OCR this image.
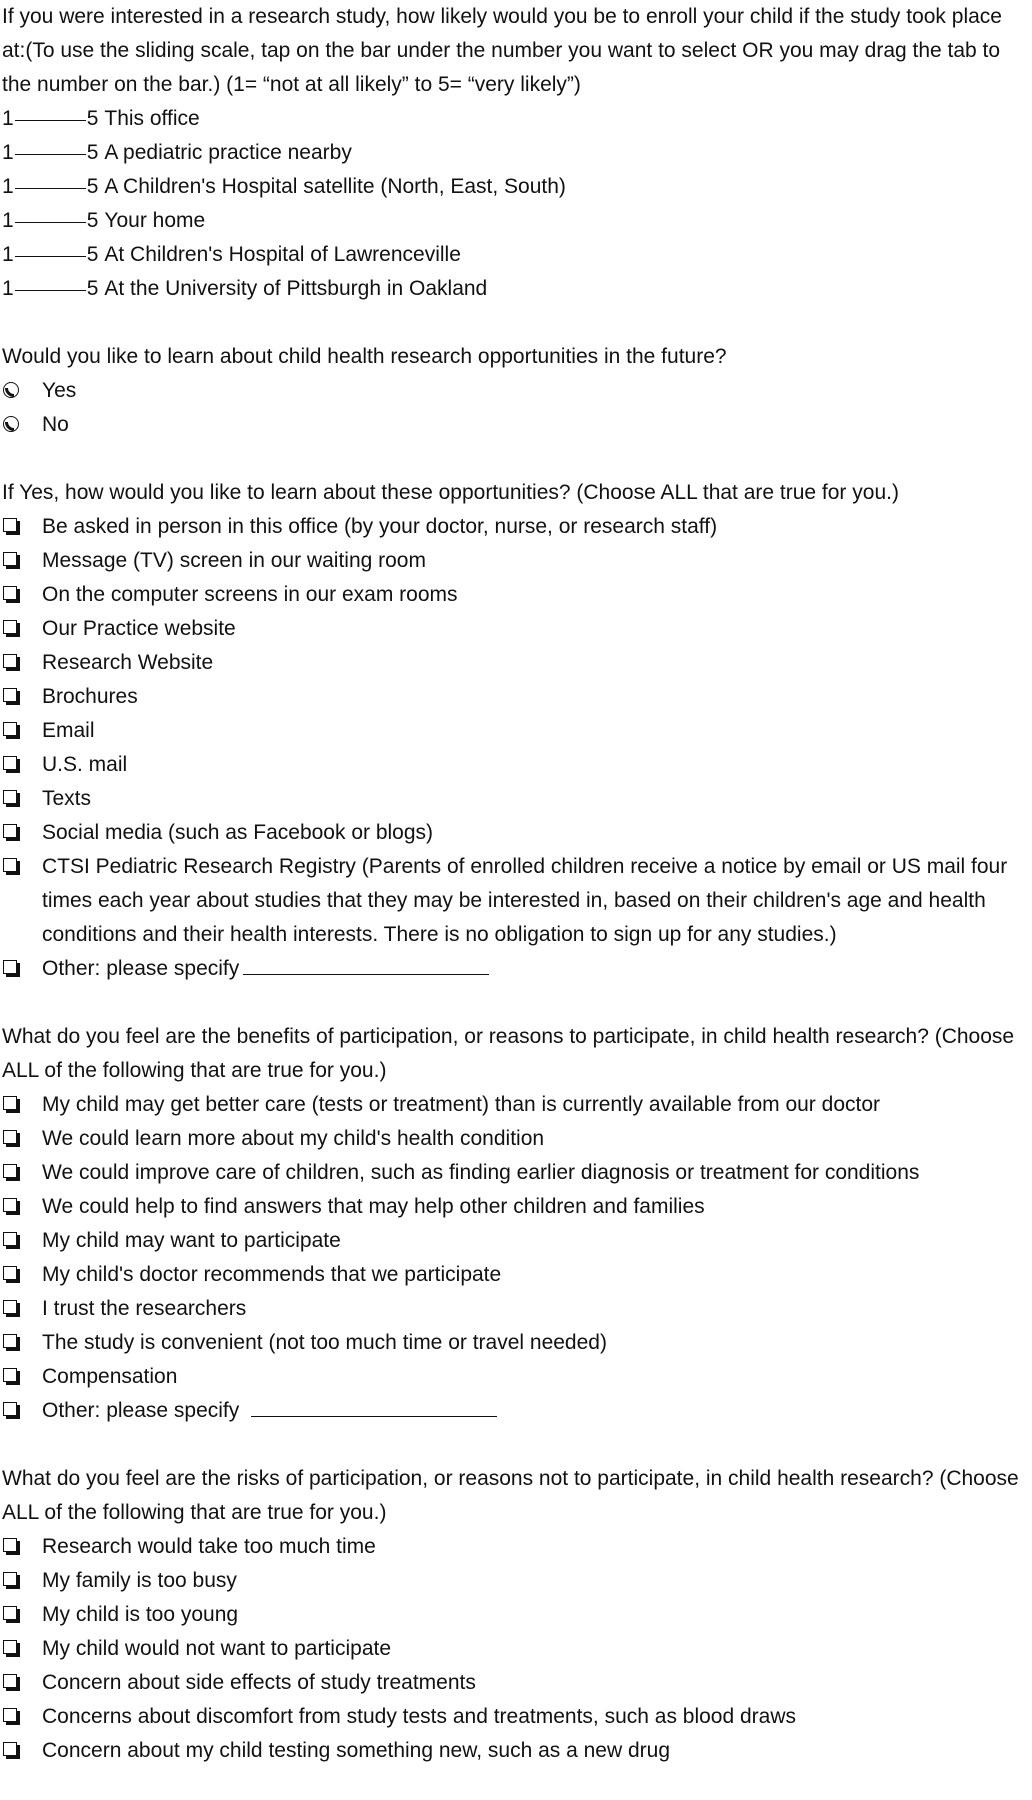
If you were interested in a research study, how likely would you be to enroll your child if the study took place at:(To use the sliding scale, tap on the bar under the number you want to select OR you may drag the tab to the number on the bar.) (1= “not at all likely” to 5= “very likely”)
1	5 This office
1	5 A pediatric practice nearby
1	5 A Children's Hospital satellite (North, East, South)
1	5 Your home
1	5 At Children's Hospital of Lawrenceville
1	5 At the University of Pittsburgh in Oakland
Would you like to learn about child health research opportunities in the future?
Yes
No
If Yes, how would you like to learn about these opportunities? (Choose ALL that are true for you.)
Be asked in person in this office (by your doctor, nurse, or research staff)
Message (TV) screen in our waiting room
On the computer screens in our exam rooms
Our Practice website
Research Website
Brochures
Email
U.S. mail
Texts
Social media (such as Facebook or blogs)
CTSI Pediatric Research Registry (Parents of enrolled children receive a notice by email or US mail four times each year about studies that they may be interested in, based on their children's age and health conditions and their health interests. There is no obligation to sign up for any studies.)
Other: please specify
What do you feel are the benefits of participation, or reasons to participate, in child health research? (Choose ALL of the following that are true for you.)
My child may get better care (tests or treatment) than is currently available from our doctor
We could learn more about my child's health condition
We could improve care of children, such as finding earlier diagnosis or treatment for conditions
We could help to find answers that may help other children and families
My child may want to participate
My child's doctor recommends that we participate
I trust the researchers
The study is convenient (not too much time or travel needed)
Compensation
Other: please specify
What do you feel are the risks of participation, or reasons not to participate, in child health research? (Choose ALL of the following that are true for you.)
Research would take too much time
My family is too busy
My child is too young
My child would not want to participate
Concern about side effects of study treatments
Concerns about discomfort from study tests and treatments, such as blood draws
Concern about my child testing something new, such as a new drug
